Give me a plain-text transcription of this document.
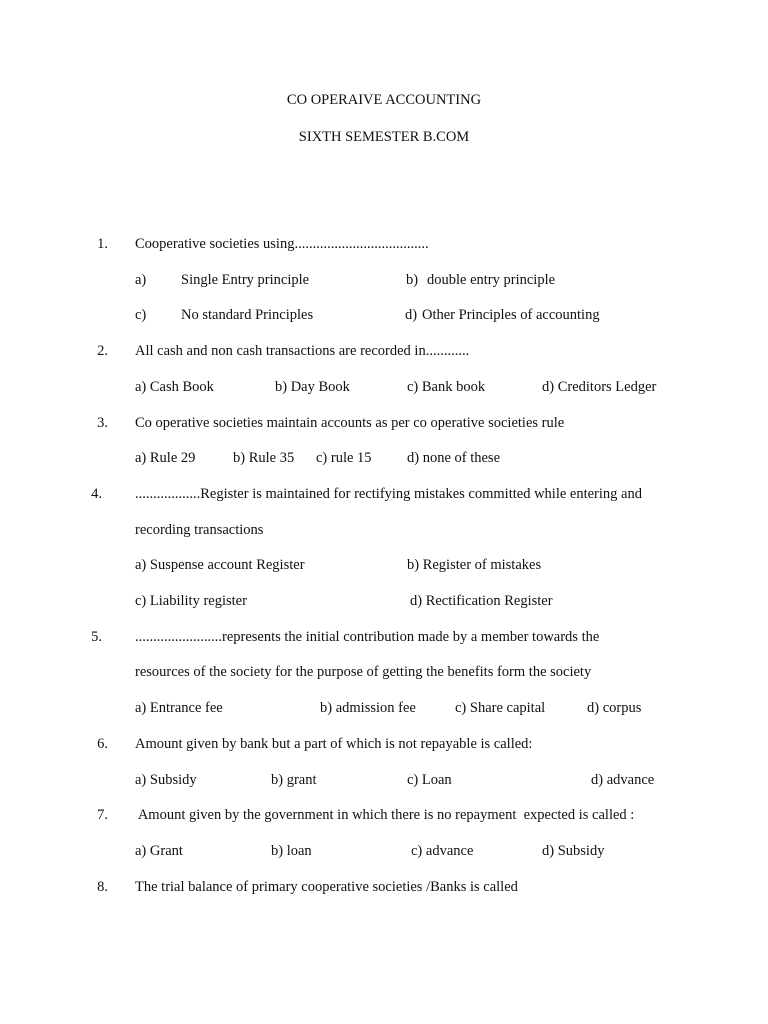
CO OPERAIVE ACCOUNTING
SIXTH SEMESTER B.COM
1. Cooperative societies using.....................................
a) Single Entry principle	b) double entry principle
c) No standard Principles	d) Other Principles of accounting
2. All cash and non cash transactions are recorded in............
a) Cash Book	b) Day Book	c) Bank book	d) Creditors Ledger
3. Co operative societies maintain accounts as per co operative societies rule
a) Rule 29	b) Rule 35 c) rule 15 d) none of these
4. ..................Register is maintained for rectifying mistakes committed while entering and
recording transactions
a) Suspense account Register	b) Register of mistakes
c) Liability register	d) Rectification Register
5. ........................represents the initial contribution made by a member towards the
resources of the society for the purpose of getting the benefits form the society
a) Entrance fee	b) admission fee	c) Share capital	d) corpus
6. Amount given by bank but a part of which is not repayable is called:
a) Subsidy	b) grant	c) Loan	d) advance
7. Amount given by the government in which there is no repayment  expected is called :
a) Grant	b) loan	c) advance	d) Subsidy
8. The trial balance of primary cooperative societies /Banks is called
